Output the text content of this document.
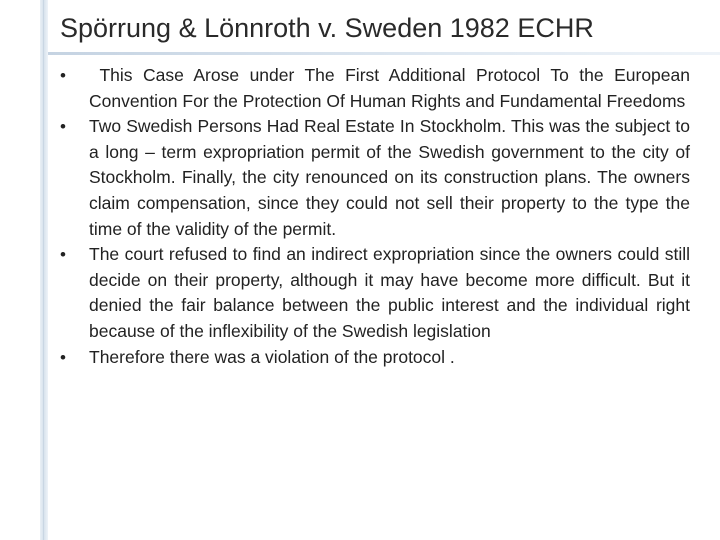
Spörrung & Lönnroth v. Sweden 1982 ECHR
•	This Case Arose under The First Additional Protocol To the European Convention For the Protection Of Human Rights and Fundamental Freedoms
•	Two Swedish Persons Had Real Estate In Stockholm. This was the subject to a long – term expropriation permit of the Swedish government to the city of Stockholm. Finally, the city renounced on its construction plans. The owners claim compensation, since they could not sell their property to the type the time of the validity of the permit.
•	The court refused to find an indirect expropriation since the owners could still decide on their property, although it may have become more difficult. But it denied the fair balance between the public interest and the individual right because of the inflexibility of the Swedish legislation
•	Therefore there was a violation of the protocol .
